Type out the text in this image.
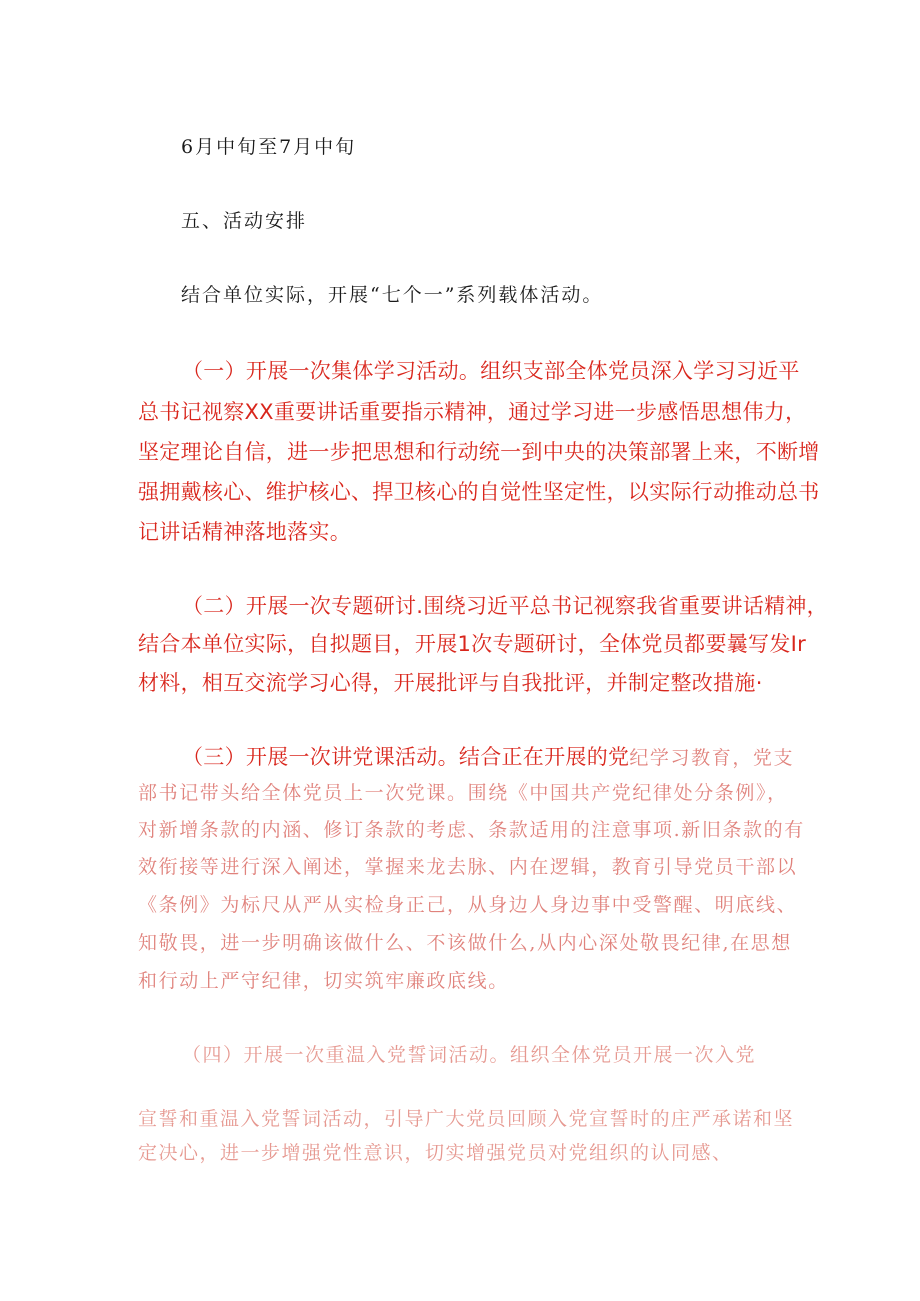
6月中旬至7月中旬

五、活动安排

结合单位实际，开展“七个一”系列载体活动。

（一）开展一次集体学习活动。组织支部全体党员深入学习习近平

总书记视察XX重要讲话重要指示精神，通过学习进一步感悟思想伟力，

坚定理论自信，进一步把思想和行动统一到中央的决策部署上来，不断增

强拥戴核心、维护核心、捍卫核心的自觉性坚定性，以实际行动推动总书

记讲话精神落地落实。

（二）开展一次专题研讨.围绕习近平总书记视察我省重要讲话精神，

结合本单位实际，自拟题目，开展1次专题研讨，全体党员都要曩写发Ir

材料，相互交流学习心得，开展批评与自我批评，并制定整改措施·

（三）开展一次讲党课活动。结合正在开展的党纪学习教育，党支

部书记带头给全体党员上一次党课。围绕《中国共产党纪律处分条例》，

对新增条款的内涵、修订条款的考虑、条款适用的注意事项.新旧条款的有

效衔接等进行深入阐述，掌握来龙去脉、内在逻辑，教育引导党员干部以

《条例》为标尺从严从实检身正己，从身边人身边事中受警醒、明底线、

知敬畏，进一步明确该做什么、不该做什么,从内心深处敬畏纪律,在思想

和行动上严守纪律，切实筑牢廉政底线。

（四）开展一次重温入党誓词活动。组织全体党员开展一次入党

宣誓和重温入党誓词活动，引导广大党员回顾入党宣誓时的庄严承诺和坚

定决心，进一步增强党性意识，切实增强党员对党组织的认同感、
